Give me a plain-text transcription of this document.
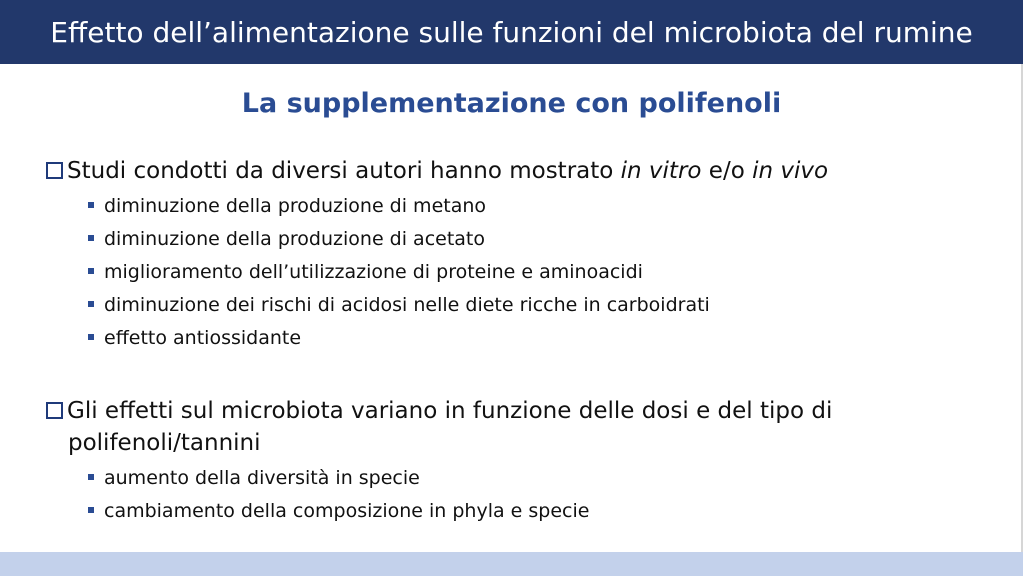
Effetto dell’alimentazione sulle funzioni del microbiota del rumine
La supplementazione con polifenoli
Studi condotti da diversi autori hanno mostrato in vitro e/o in vivo
diminuzione della produzione di metano
diminuzione della produzione di acetato
miglioramento dell’utilizzazione di proteine e aminoacidi
diminuzione dei rischi di acidosi nelle diete ricche in carboidrati
effetto antiossidante
Gli effetti sul microbiota variano in funzione delle dosi e del tipo di
polifenoli/tannini
aumento della diversità in specie
cambiamento della composizione in phyla e specie
